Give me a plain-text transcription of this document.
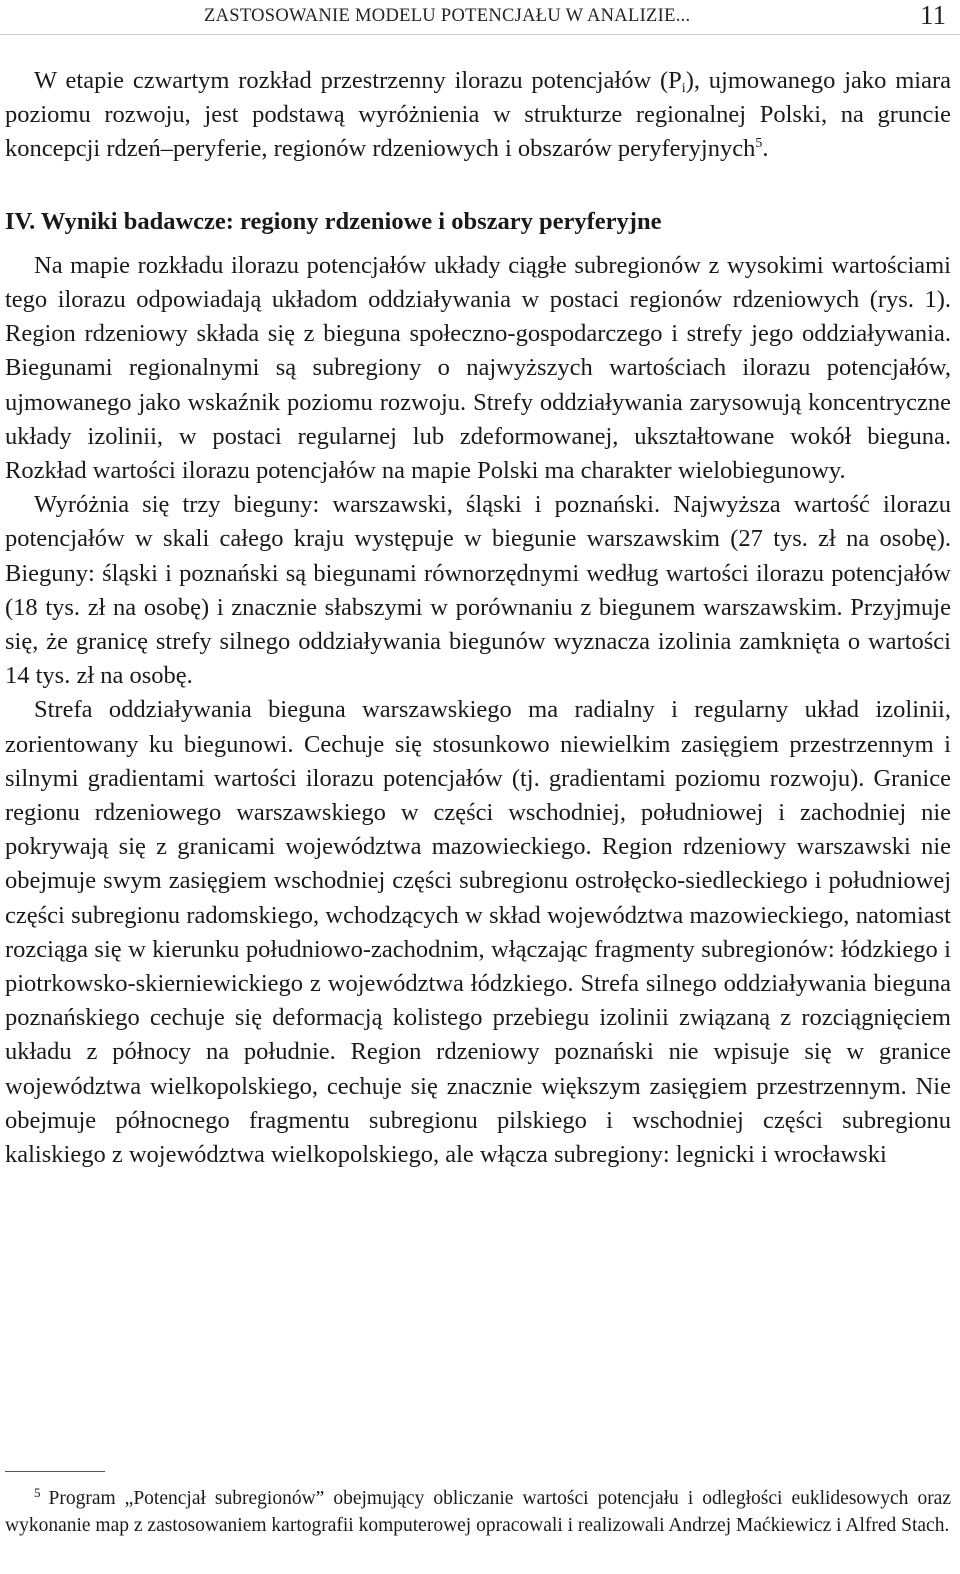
ZASTOSOWANIE MODELU POTENCJAŁU W ANALIZIE...	11

W etapie czwartym rozkład przestrzenny ilorazu potencjałów $(P_i)$, ujmowanego jako miara poziomu rozwoju, jest podstawą wyróżnienia w strukturze regionalnej Polski, na gruncie koncepcji rdzeń–peryferie, regionów rdzeniowych i obszarów peryferyjnych$^5$.

IV. Wyniki badawcze: regiony rdzeniowe i obszary peryferyjne

Na mapie rozkładu ilorazu potencjałów układy ciągłe subregionów z wysokimi wartościami tego ilorazu odpowiadają układom oddziaływania w postaci regionów rdzeniowych (rys. 1). Region rdzeniowy składa się z bieguna społeczno-gospodarczego i strefy jego oddziaływania. Biegunami regionalnymi są subregiony o najwyższych wartościach ilorazu potencjałów, ujmowanego jako wskaźnik poziomu rozwoju. Strefy oddziaływania zarysowują koncentryczne układy izolinii, w postaci regularnej lub zdeformowanej, ukształtowane wokół bieguna. Rozkład wartości ilorazu potencjałów na mapie Polski ma charakter wielobiegunowy.

Wyróżnia się trzy bieguny: warszawski, śląski i poznański. Najwyższa wartość ilorazu potencjałów w skali całego kraju występuje w biegunie warszawskim (27 tys. zł na osobę). Bieguny: śląski i poznański są biegunami równorzędnymi według wartości ilorazu potencjałów (18 tys. zł na osobę) i znacznie słabszymi w porównaniu z biegunem warszawskim. Przyjmuje się, że granicę strefy silnego oddziaływania biegunów wyznacza izolinia zamknięta o wartości 14 tys. zł na osobę.

Strefa oddziaływania bieguna warszawskiego ma radialny i regularny układ izolinii, zorientowany ku biegunowi. Cechuje się stosunkowo niewielkim zasięgiem przestrzennym i silnymi gradientami wartości ilorazu potencjałów (tj. gradientami poziomu rozwoju). Granice regionu rdzeniowego warszawskiego w części wschodniej, południowej i zachodniej nie pokrywają się z granicami województwa mazowieckiego. Region rdzeniowy warszawski nie obejmuje swym zasięgiem wschodniej części subregionu ostrołęcko-siedleckiego i południowej części subregionu radomskiego, wchodzących w skład województwa mazowieckiego, natomiast rozciąga się w kierunku południowo-zachodnim, włączając fragmenty subregionów: łódzkiego i piotrkowsko-skierniewickiego z województwa łódzkiego. Strefa silnego oddziaływania bieguna poznańskiego cechuje się deformacją kolistego przebiegu izolinii związaną z rozciągnięciem układu z północy na południe. Region rdzeniowy poznański nie wpisuje się w granice województwa wielkopolskiego, cechuje się znacznie większym zasięgiem przestrzennym. Nie obejmuje północnego fragmentu subregionu pilskiego i wschodniej części subregionu kaliskiego z województwa wielkopolskiego, ale włącza subregiony: legnicki i wrocławski

$^5$ Program „Potencjał subregionów” obejmujący obliczanie wartości potencjału i odległości euklidesowych oraz wykonanie map z zastosowaniem kartografii komputerowej opracowali i realizowali Andrzej Maćkiewicz i Alfred Stach.
